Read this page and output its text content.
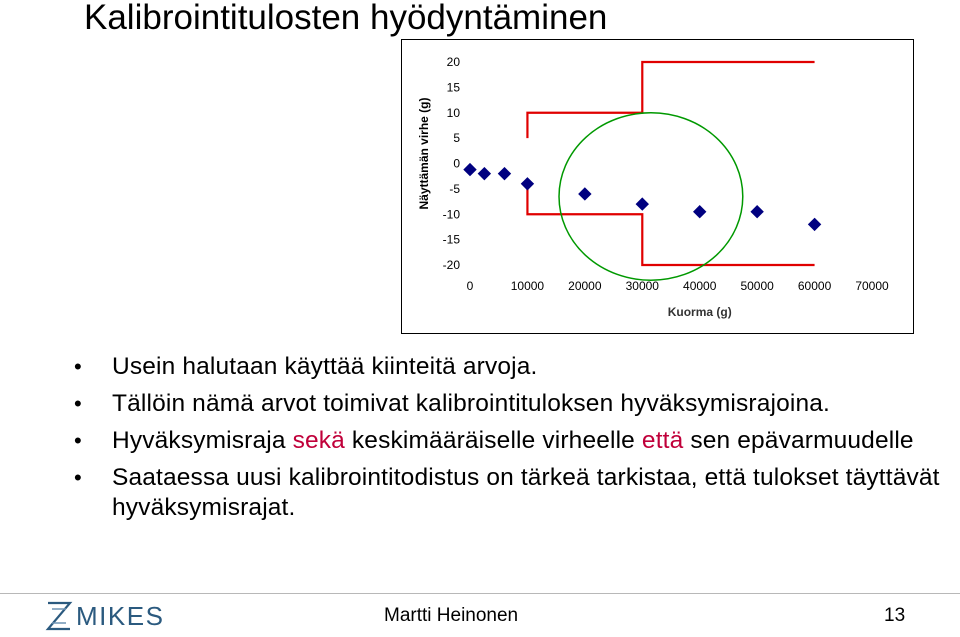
Kalibrointitulosten hyödyntäminen
20
15
10
5
0
-5
-10
-15
-20
0	10000 20000 30000 40000 50000 60000 70000
Kuorma (g)
Näyttämän virhe (g)
• Usein halutaan käyttää kiinteitä arvoja.
• Tällöin nämä arvot toimivat kalibrointituloksen hyväksymisrajoina.
• Hyväksymisraja sekä keskimääräiselle virheelle että sen epävarmuudelle
• Saataessa uusi kalibrointitodistus on tärkeä tarkistaa, että tulokset täyttävät hyväksymisrajat.
MIKES	Martti Heinonen	13
